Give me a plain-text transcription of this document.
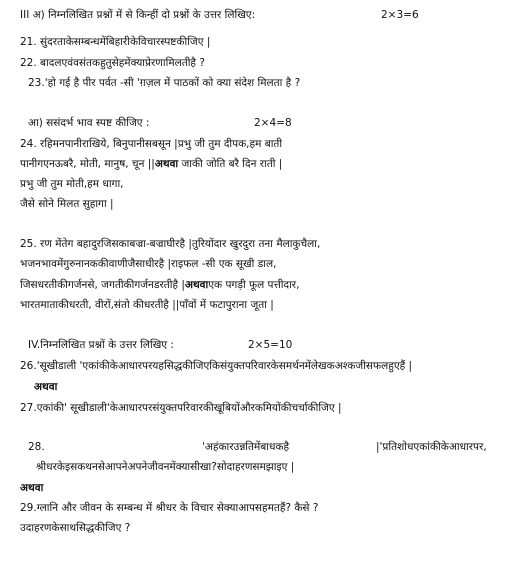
III अ) निम्नलिखित प्रश्नों में से किन्हीं दो प्रश्नों के उत्तर लिखिए:	2×3=6
21. सुंदरताकेसम्बन्धमेंबिहारीकेविचारस्पष्टकीजिए |
22. बादलएवंवसंतकहुतुसेहमेंक्याप्रेरणामिलतीहै ?
23.'हो गई है पीर पर्वत -सी 'ग़ज़ल में पाठकों को क्या संदेश मिलता है ?
आ) ससंदर्भ भाव स्पष्ट कीजिए :	2×4=8
24. रहिमनपानीराखिये, बिनुपानीसबसून |प्रभु जी तुम दीपक,हम बाती
पानीगएनऊबरै, मोती, मानुष, चून ||अथवा जाकी जोति बरै दिन राती |
प्रभु जी तुम मोती,हम धागा,
जैसे सोने मिलत सुहागा |
25. रण मेंतेग बहादुरजिसकाबज्रा-बज्राघीरहै |तुरियोंदार खुरदुरा तना मैलाकुचैला,
भजनभावमेंगुरुनानककीवाणीजैसाधीरहै |राइफल -सी एक सूखी डाल,
जिसधरतीकीगर्जनसे, जगतीकीगर्जनडरतीहै |अथवाएक पगड़ी फूल पत्तीदार,
भारतमाताकीधरती, वीरों,संतो कीधरतीहै ||पाँवों में फटापुराना जूता |
IV.निम्नलिखित प्रश्नों के उत्तर लिखिए :	2×5=10
26.'सूखीडाली 'एकांकीकेआधारपरयहसिद्धकीजिएकिसंयुक्तपरिवारकेसमर्थनमेंलेखकअश्कजीसफलहुएहैं |
अथवा
27.एकांकी' सूखीडाली'केआधारपरसंयुक्तपरिवारकीखूबियोंऔरकमियोंकीचर्चाकीजिए |
28.	'अहंकारउन्नतिमेंबाधकहै	|'प्रतिशोधएकांकीकेआधारपर,
श्रीधरकेइसकथनसेआपनेअपनेजीवनमेंक्यासीखा?सोदाहरणसमझाइए |
अथवा
29.ग्लानि और जीवन के सम्बन्ध में श्रीधर के विचार सेक्याआपसहमतहैं? कैसे ?
उदाहरणकेसाथसिद्धकीजिए ?
